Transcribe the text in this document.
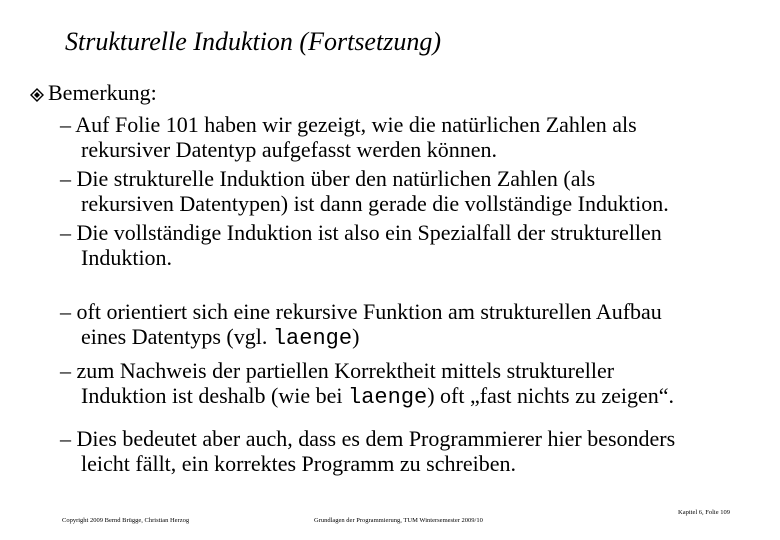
Strukturelle Induktion (Fortsetzung)
Bemerkung:
– Auf Folie 101 haben wir gezeigt, wie die natürlichen Zahlen als
rekursiver Datentyp aufgefasst werden können.
– Die strukturelle Induktion über den natürlichen Zahlen (als
rekursiven Datentypen) ist dann gerade die vollständige Induktion.
– Die vollständige Induktion ist also ein Spezialfall der strukturellen
Induktion.
– oft orientiert sich eine rekursive Funktion am strukturellen Aufbau
eines Datentyps (vgl. laenge)
– zum Nachweis der partiellen Korrektheit mittels struktureller
Induktion ist deshalb (wie bei laenge) oft „fast nichts zu zeigen“.
– Dies bedeutet aber auch, dass es dem Programmierer hier besonders
leicht fällt, ein korrektes Programm zu schreiben.
Copyright 2009 Bernd Brügge, Christian Herzog	Grundlagen der Programmierung, TUM Wintersemester 2009/10
Kapitel 6, Folie 109
